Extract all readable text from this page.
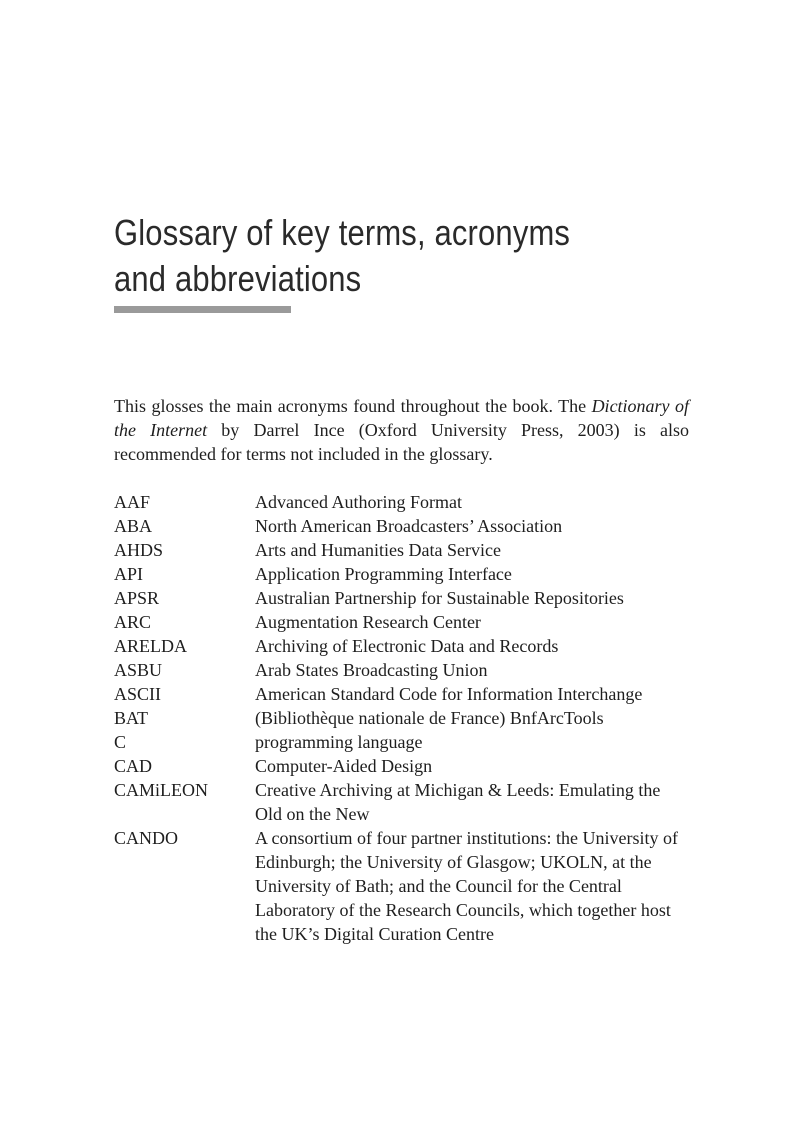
Glossary of key terms, acronyms and abbreviations

This glosses the main acronyms found throughout the book. The Dictionary of the Internet by Darrel Ince (Oxford University Press, 2003) is also recommended for terms not included in the glossary.

AAF	Advanced Authoring Format
ABA	North American Broadcasters’ Association
AHDS	Arts and Humanities Data Service
API	Application Programming Interface
APSR	Australian Partnership for Sustainable Repositories
ARC	Augmentation Research Center
ARELDA	Archiving of Electronic Data and Records
ASBU	Arab States Broadcasting Union
ASCII	American Standard Code for Information Interchange
BAT	(Bibliothèque nationale de France) BnfArcTools
C	programming language
CAD	Computer-Aided Design
CAMiLEON	Creative Archiving at Michigan & Leeds: Emulating the Old on the New
CANDO	A consortium of four partner institutions: the University of Edinburgh; the University of Glasgow; UKOLN, at the University of Bath; and the Council for the Central Laboratory of the Research Councils, which together host the UK’s Digital Curation Centre
